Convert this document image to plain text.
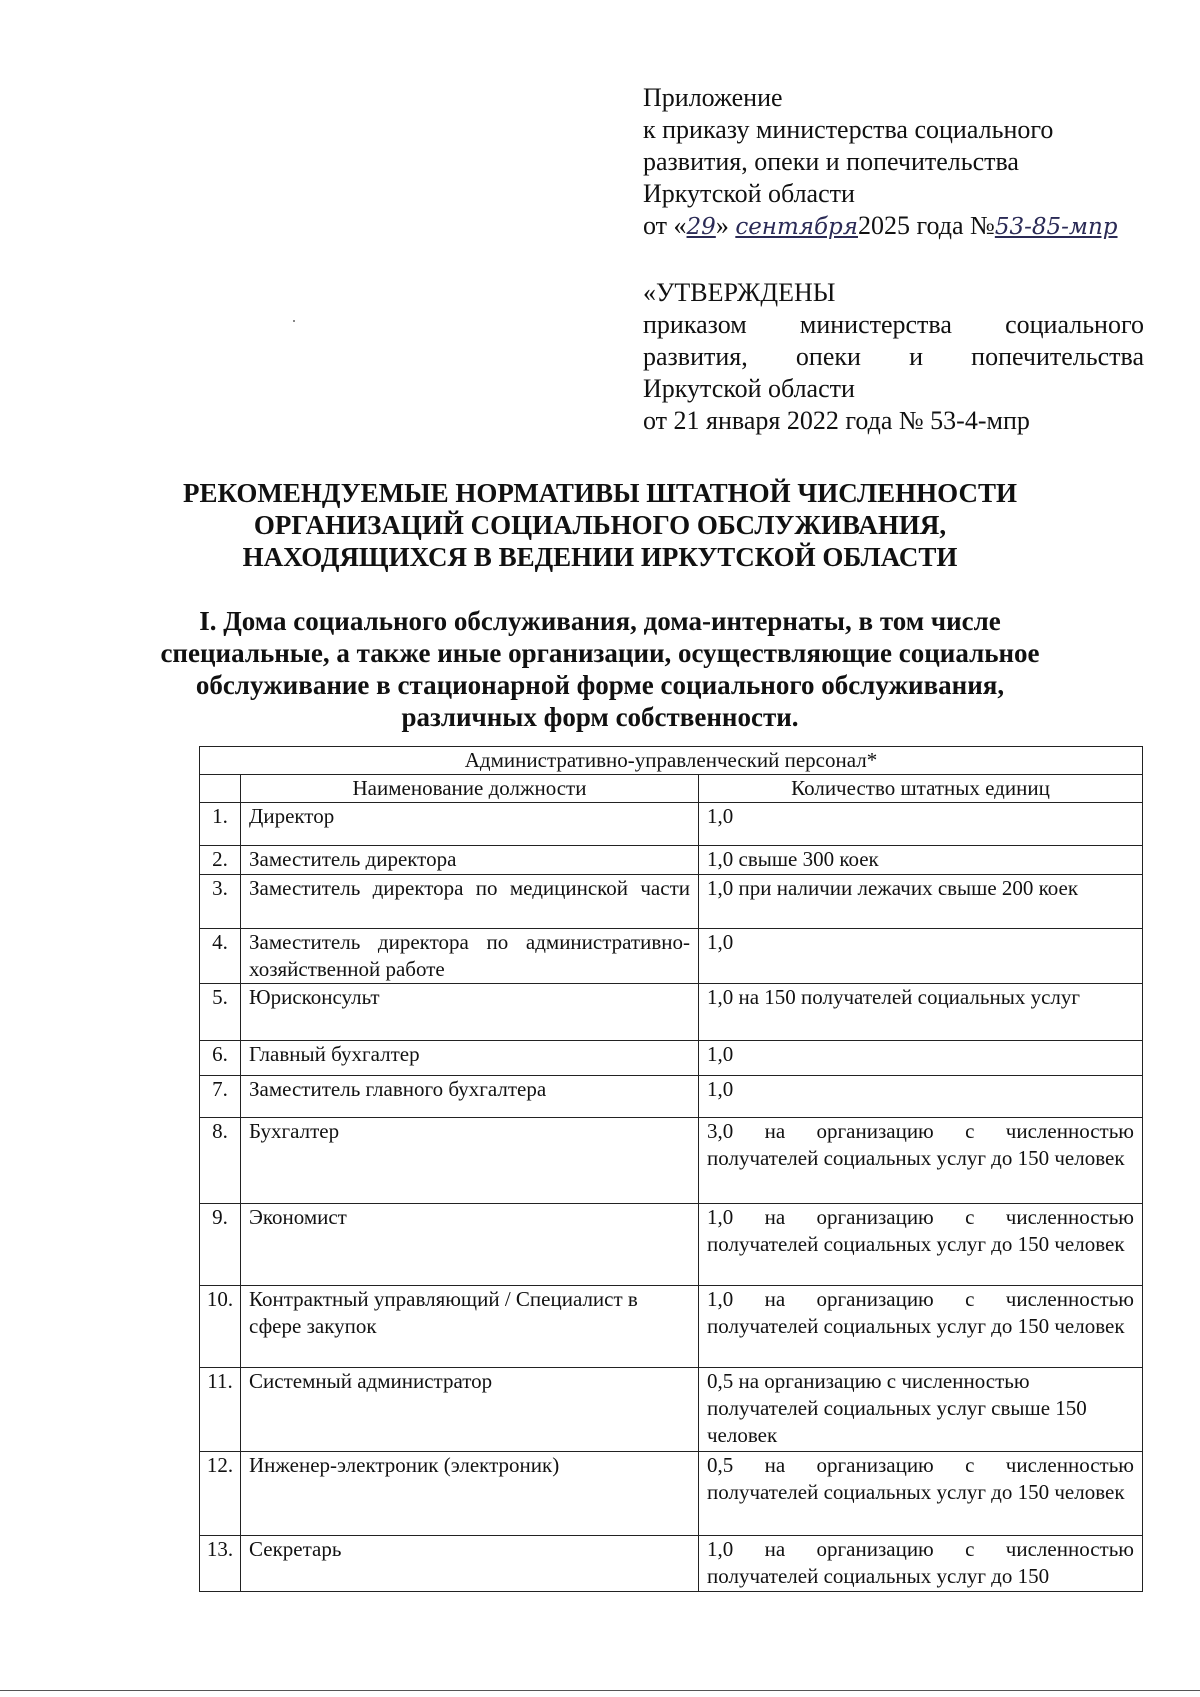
Приложение
к приказу министерства социального
развития, опеки и попечительства
Иркутской области
от «29» сентября2025 года №53-85-мпр
«УТВЕРЖДЕНЫ
приказом министерства социального
развития, опеки и попечительства
Иркутской области
от 21 января 2022 года № 53-4-мпр
РЕКОМЕНДУЕМЫЕ НОРМАТИВЫ ШТАТНОЙ ЧИСЛЕННОСТИ
ОРГАНИЗАЦИЙ СОЦИАЛЬНОГО ОБСЛУЖИВАНИЯ,
НАХОДЯЩИХСЯ В ВЕДЕНИИ ИРКУТСКОЙ ОБЛАСТИ
I. Дома социального обслуживания, дома-интернаты, в том числе
специальные, а также иные организации, осуществляющие социальное
обслуживание в стационарной форме социального обслуживания,
различных форм собственности.
Административно-управленческий персонал*		
	Наименование должности	Количество штатных единиц
1.	Директор	1,0
2.	Заместитель директора	1,0 свыше 300 коек
3.	Заместитель директора по медицинской части	1,0 при наличии лежачих свыше 200 коек
4.	Заместитель директора по административно-хозяйственной работе	1,0
5.	Юрисконсульт	1,0 на 150 получателей социальных услуг
6.	Главный бухгалтер	1,0
7.	Заместитель главного бухгалтера	1,0
8.	Бухгалтер	3,0 на организацию с численностью получателей социальных услуг до 150 человек
9.	Экономист	1,0 на организацию с численностью получателей социальных услуг до 150 человек
10.	Контрактный управляющий / Специалист в сфере закупок	1,0 на организацию с численностью получателей социальных услуг до 150 человек
11.	Системный администратор	0,5 на организацию с численностью получателей социальных услуг свыше 150 человек
12.	Инженер-электроник (электроник)	0,5 на организацию с численностью получателей социальных услуг до 150 человек
13.	Секретарь	1,0 на организацию с численностью получателей социальных услуг до 150
